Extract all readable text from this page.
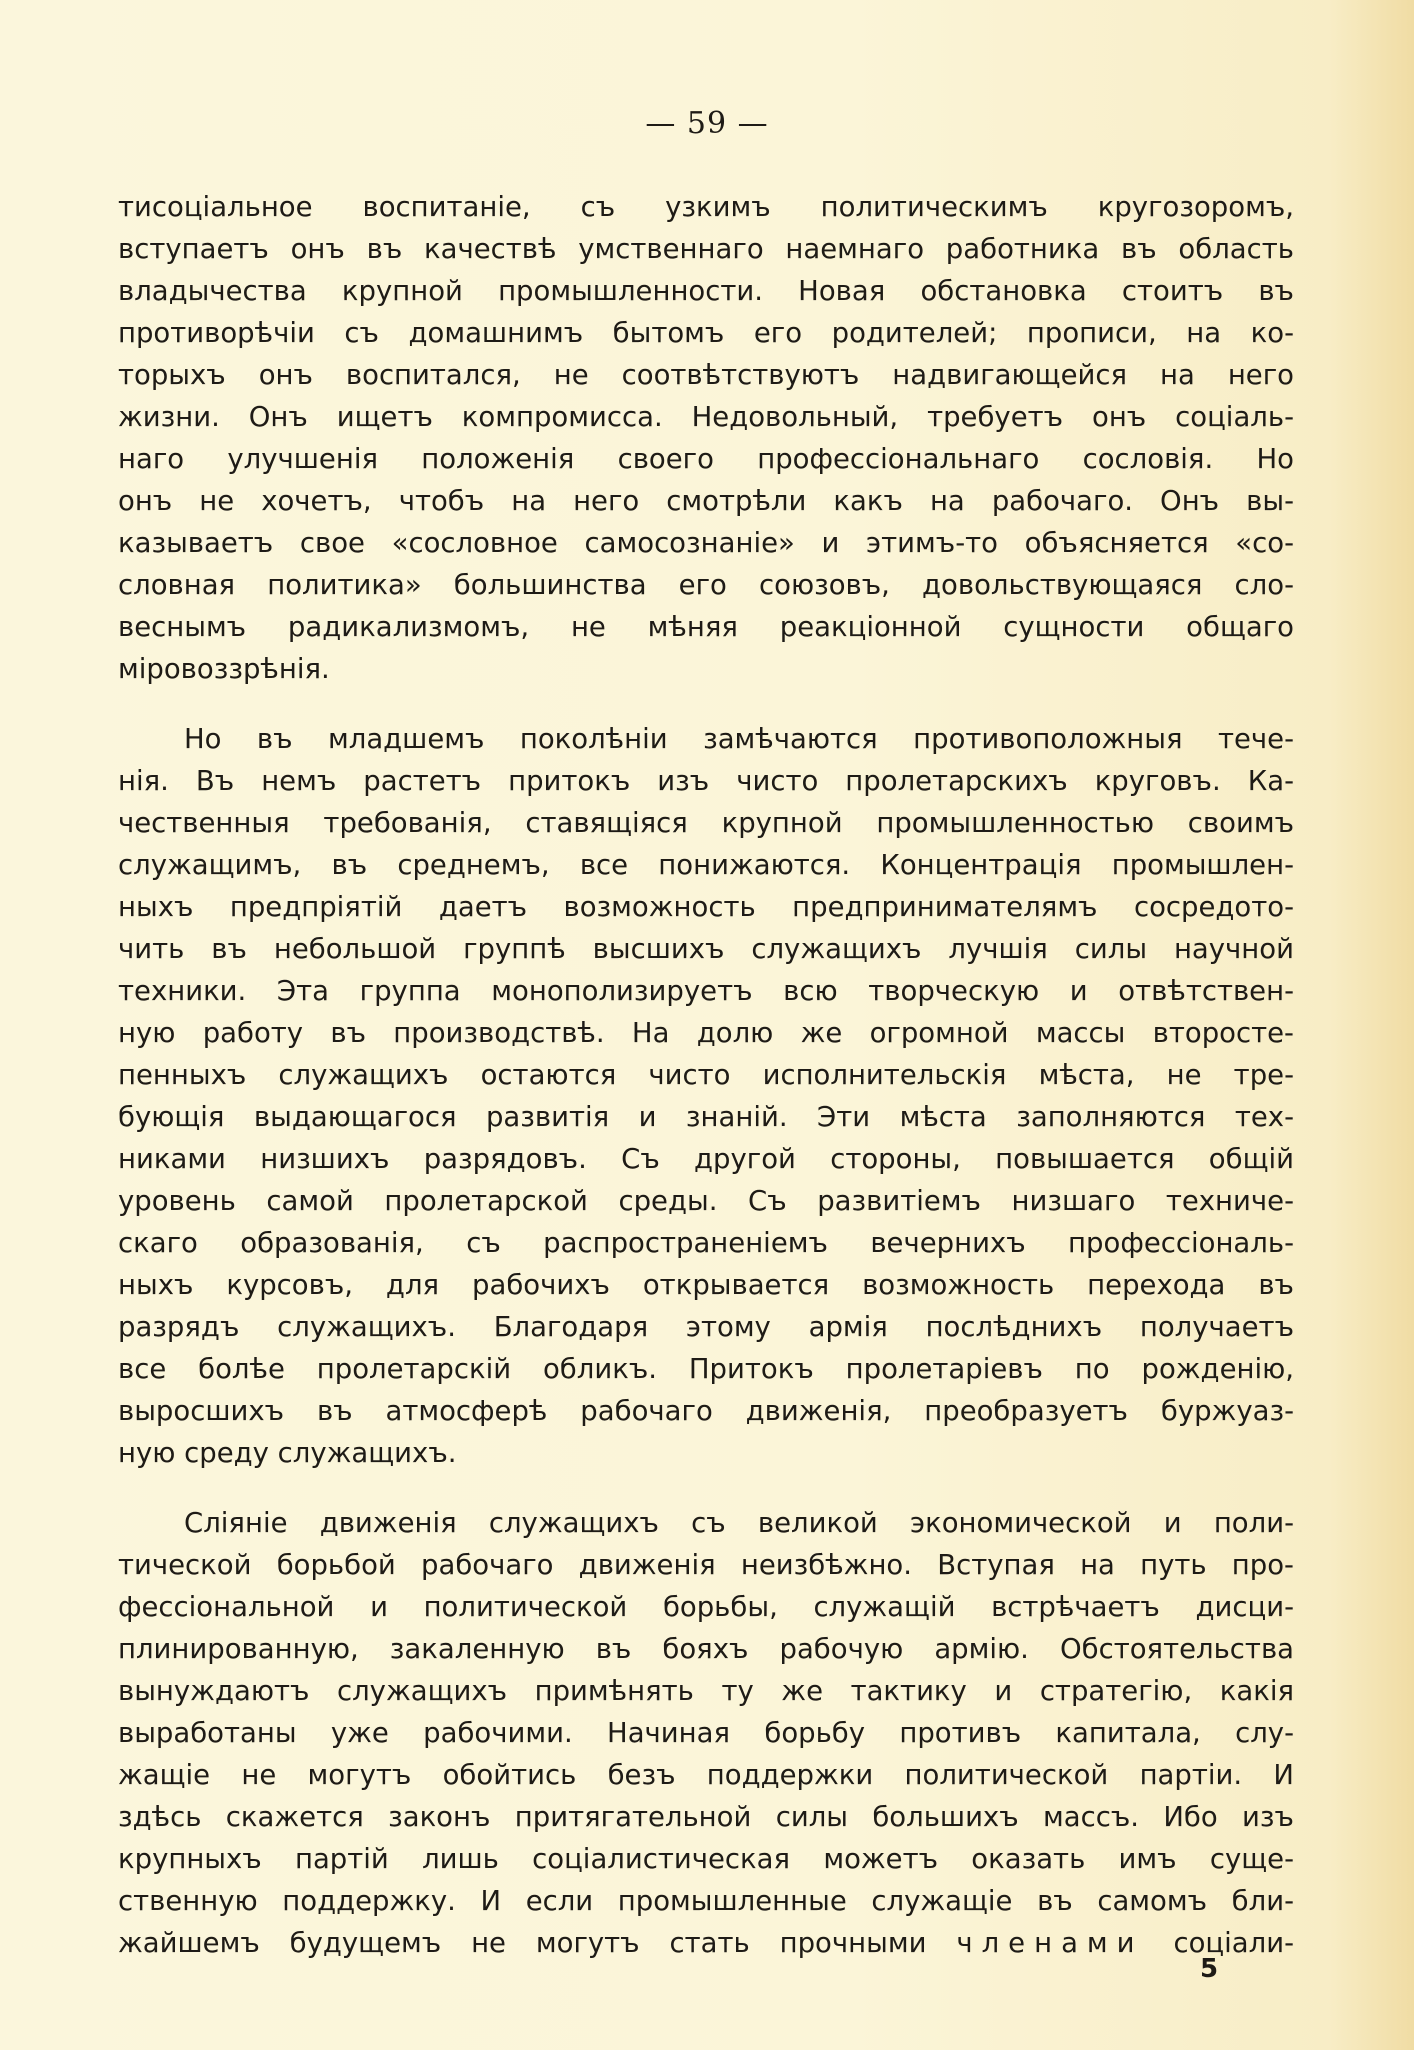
— 59 —
тисоціальное воспитаніе, съ узкимъ политическимъ кругозоромъ,
вступаетъ онъ въ качествѣ умственнаго наемнаго работника въ область
владычества крупной промышленности. Новая обстановка стоитъ въ
противорѣчіи съ домашнимъ бытомъ его родителей; прописи, на ко-
торыхъ онъ воспитался, не соотвѣтствуютъ надвигающейся на него
жизни. Онъ ищетъ компромисса. Недовольный, требуетъ онъ соціаль-
наго улучшенія положенія своего профессіональнаго сословія. Но
онъ не хочетъ, чтобъ на него смотрѣли какъ на рабочаго. Онъ вы-
казываетъ свое «сословное самосознаніе» и этимъ-то объясняется «со-
словная политика» большинства его союзовъ, довольствующаяся сло-
веснымъ радикализмомъ, не мѣняя реакціонной сущности общаго
міровоззрѣнія.
Но въ младшемъ поколѣніи замѣчаются противоположныя тече-
нія. Въ немъ растетъ притокъ изъ чисто пролетарскихъ круговъ. Ка-
чественныя требованія, ставящіяся крупной промышленностью своимъ
служащимъ, въ среднемъ, все понижаются. Концентрація промышлен-
ныхъ предпріятій даетъ возможность предпринимателямъ сосредото-
чить въ небольшой группѣ высшихъ служащихъ лучшія силы научной
техники. Эта группа монополизируетъ всю творческую и отвѣтствен-
ную работу въ производствѣ. На долю же огромной массы второсте-
пенныхъ служащихъ остаются чисто исполнительскія мѣста, не тре-
бующія выдающагося развитія и знаній. Эти мѣста заполняются тех-
никами низшихъ разрядовъ. Съ другой стороны, повышается общій
уровень самой пролетарской среды. Съ развитіемъ низшаго техниче-
скаго образованія, съ распространеніемъ вечернихъ профессіональ-
ныхъ курсовъ, для рабочихъ открывается возможность перехода въ
разрядъ служащихъ. Благодаря этому армія послѣднихъ получаетъ
все болѣе пролетарскій обликъ. Притокъ пролетаріевъ по рожденію,
выросшихъ въ атмосферѣ рабочаго движенія, преобразуетъ буржуаз-
ную среду служащихъ.
Сліяніе движенія служащихъ съ великой экономической и поли-
тической борьбой рабочаго движенія неизбѣжно. Вступая на путь про-
фессіональной и политической борьбы, служащій встрѣчаетъ дисци-
плинированную, закаленную въ бояхъ рабочую армію. Обстоятельства
вынуждаютъ служащихъ примѣнять ту же тактику и стратегію, какія
выработаны уже рабочими. Начиная борьбу противъ капитала, слу-
жащіе не могутъ обойтись безъ поддержки политической партіи. И
здѣсь скажется законъ притягательной силы большихъ массъ. Ибо изъ
крупныхъ партій лишь соціалистическая можетъ оказать имъ суще-
ственную поддержку. И если промышленные служащіе въ самомъ бли-
жайшемъ будущемъ не могутъ стать прочными членами соціали-
5
